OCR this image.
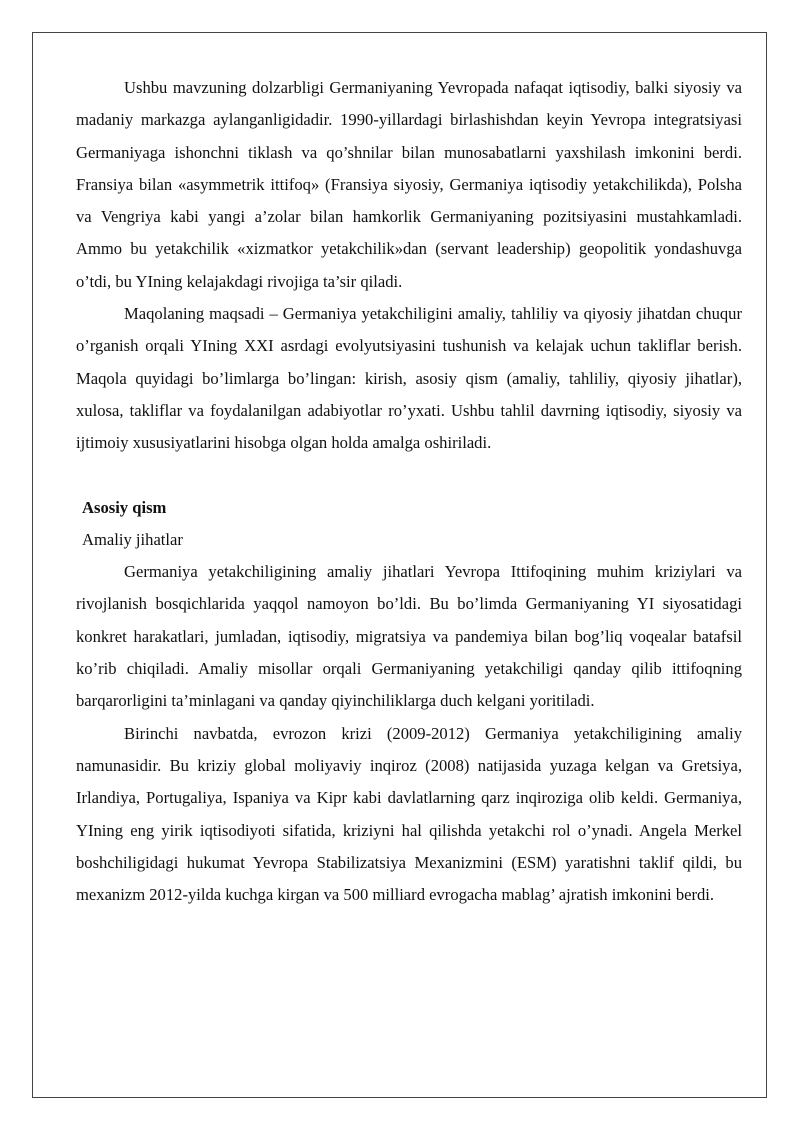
Ushbu mavzuning dolzarbligi Germaniyaning Yevropada nafaqat iqtisodiy, balki siyosiy va madaniy markazga aylanganligidadir. 1990-yillardagi birlashishdan keyin Yevropa integratsiyasi Germaniyaga ishonchni tiklash va qo’shnilar bilan munosabatlarni yaxshilash imkonini berdi. Fransiya bilan «asymmetrik ittifoq» (Fransiya siyosiy, Germaniya iqtisodiy yetakchilikda), Polsha va Vengriya kabi yangi a’zolar bilan hamkorlik Germaniyaning pozitsiyasini mustahkamladi. Ammo bu yetakchilik «xizmatkor yetakchilik»dan (servant leadership) geopolitik yondashuvga o’tdi, bu YIning kelajakdagi rivojiga ta’sir qiladi.

Maqolaning maqsadi – Germaniya yetakchiligini amaliy, tahliliy va qiyosiy jihatdan chuqur o’rganish orqali YIning XXI asrdagi evolyutsiyasini tushunish va kelajak uchun takliflar berish. Maqola quyidagi bo’limlarga bo’lingan: kirish, asosiy qism (amaliy, tahliliy, qiyosiy jihatlar), xulosa, takliflar va foydalanilgan adabiyotlar ro’yxati. Ushbu tahlil davrning iqtisodiy, siyosiy va ijtimoiy xususiyatlarini hisobga olgan holda amalga oshiriladi.

Asosiy qism

Amaliy jihatlar

Germaniya yetakchiligining amaliy jihatlari Yevropa Ittifoqining muhim kriziylari va rivojlanish bosqichlarida yaqqol namoyon bo’ldi. Bu bo’limda Germaniyaning YI siyosatidagi konkret harakatlari, jumladan, iqtisodiy, migratsiya va pandemiya bilan bog’liq voqealar batafsil ko’rib chiqiladi. Amaliy misollar orqali Germaniyaning yetakchiligi qanday qilib ittifoqning barqarorligini ta’minlagani va qanday qiyinchiliklarga duch kelgani yoritiladi.

Birinchi navbatda, evrozon krizi (2009-2012) Germaniya yetakchiligining amaliy namunasidir. Bu kriziy global moliyaviy inqiroz (2008) natijasida yuzaga kelgan va Gretsiya, Irlandiya, Portugaliya, Ispaniya va Kipr kabi davlatlarning qarz inqiroziga olib keldi. Germaniya, YIning eng yirik iqtisodiyoti sifatida, kriziyni hal qilishda yetakchi rol o’ynadi. Angela Merkel boshchiligidagi hukumat Yevropa Stabilizatsiya Mexanizmini (ESM) yaratishni taklif qildi, bu mexanizm 2012-yilda kuchga kirgan va 500 milliard evrogacha mablag’ ajratish imkonini berdi.
